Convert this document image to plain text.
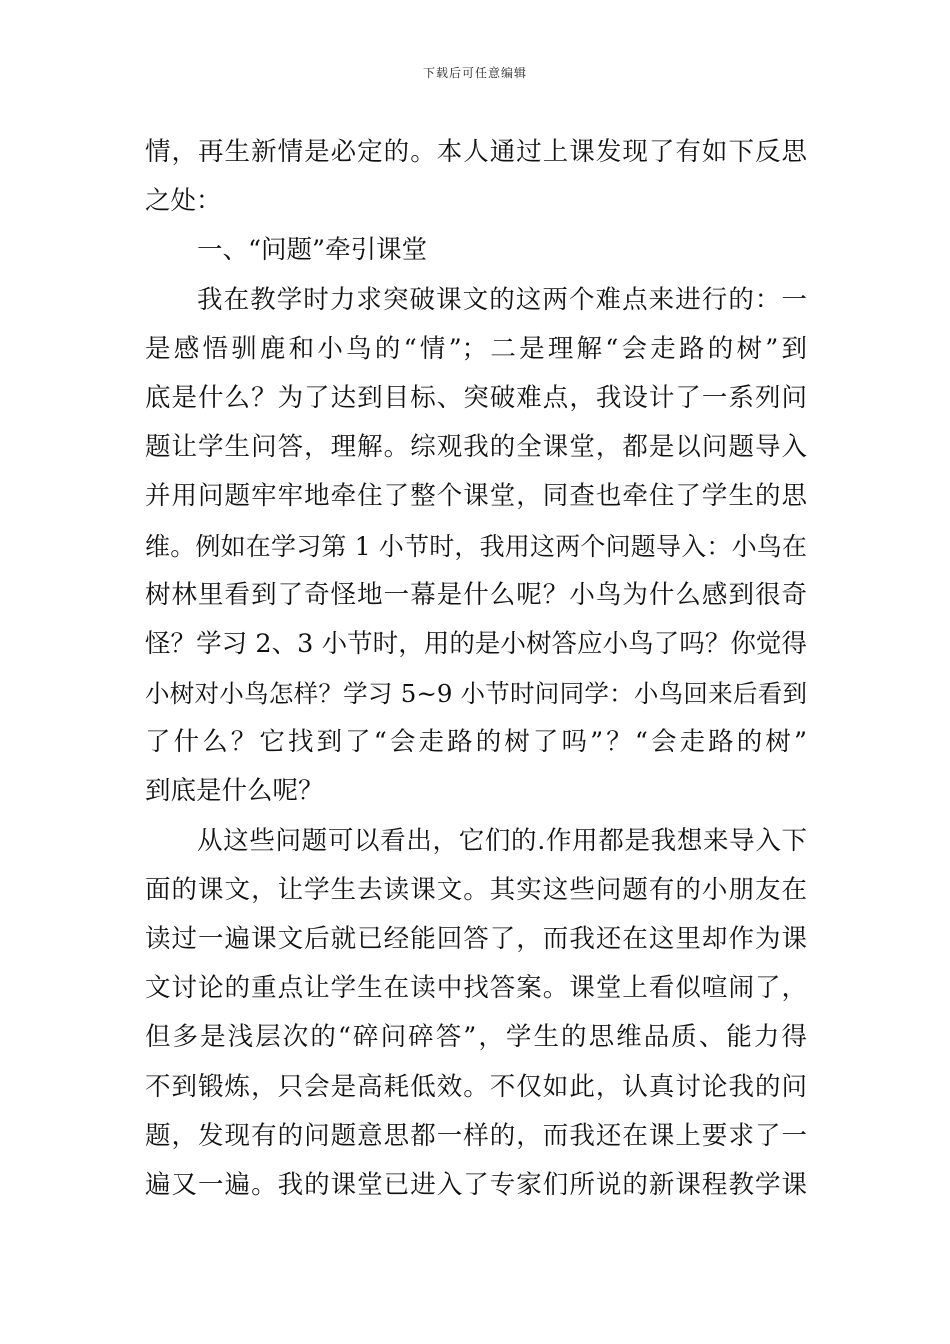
下载后可任意编辑
情，再生新情是必定的。本人通过上课发现了有如下反思
之处：
一、“问题”牵引课堂
我在教学时力求突破课文的这两个难点来进行的：一
是感悟驯鹿和小鸟的“情”；二是理解“会走路的树”到
底是什么？为了达到目标、突破难点，我设计了一系列问
题让学生问答，理解。综观我的全课堂，都是以问题导入
并用问题牢牢地牵住了整个课堂，同查也牵住了学生的思
维。例如在学习第 1 小节时，我用这两个问题导入：小鸟在
树林里看到了奇怪地一幕是什么呢？小鸟为什么感到很奇
怪？学习 2、3 小节时，用的是小树答应小鸟了吗？你觉得
小树对小鸟怎样？学习 5~9 小节时问同学：小鸟回来后看到
了什么？它找到了“会走路的树了吗”？“会走路的树”
到底是什么呢？
从这些问题可以看出，它们的.作用都是我想来导入下
面的课文，让学生去读课文。其实这些问题有的小朋友在
读过一遍课文后就已经能回答了，而我还在这里却作为课
文讨论的重点让学生在读中找答案。课堂上看似喧闹了，
但多是浅层次的“碎问碎答”，学生的思维品质、能力得
不到锻炼，只会是高耗低效。不仅如此，认真讨论我的问
题，发现有的问题意思都一样的，而我还在课上要求了一
遍又一遍。我的课堂已进入了专家们所说的新课程教学课
